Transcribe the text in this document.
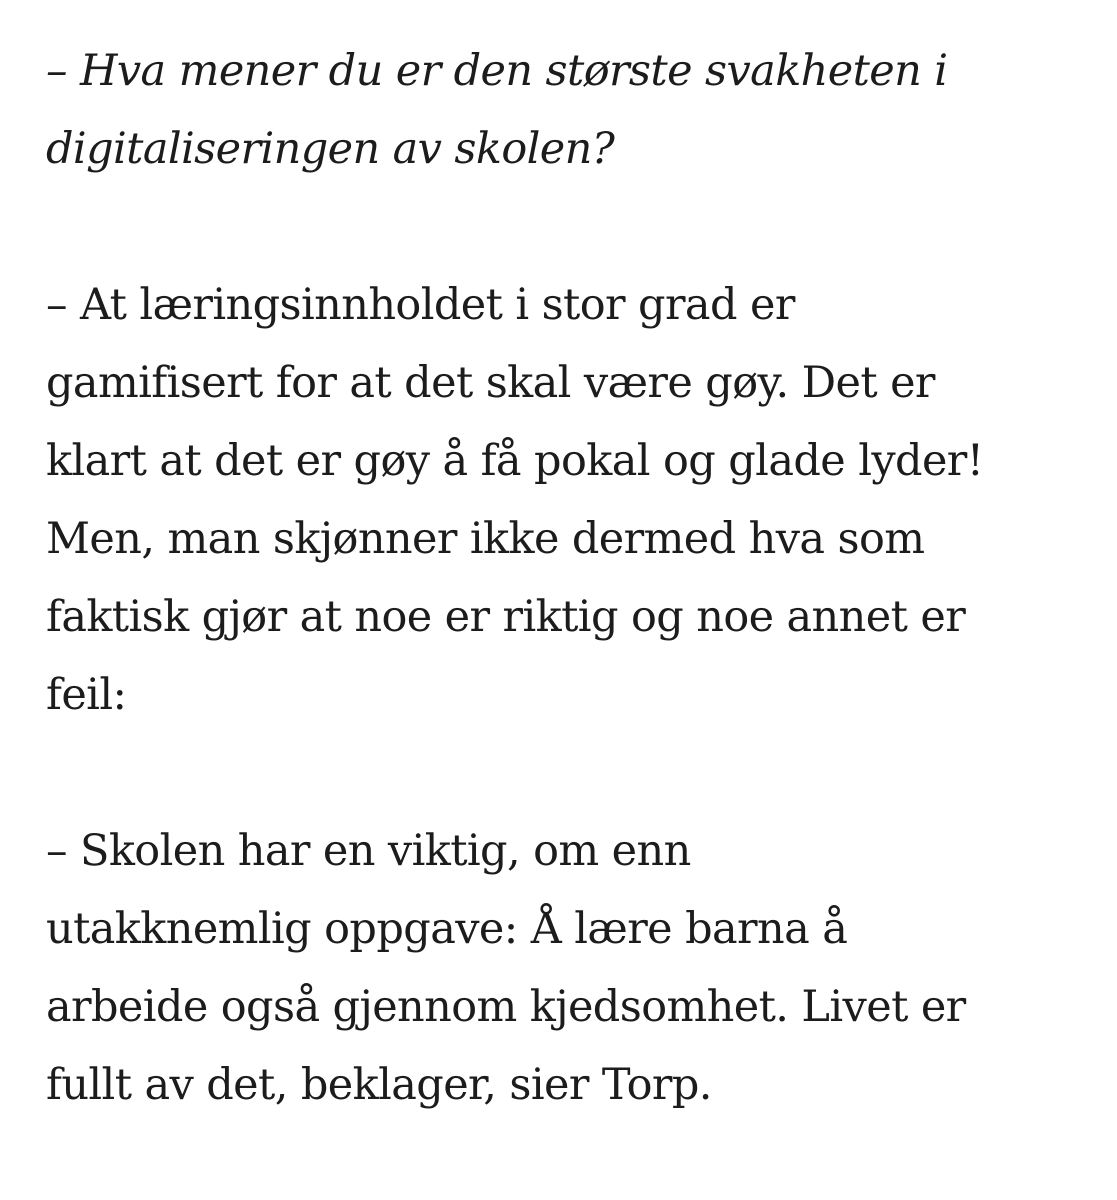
– Hva mener du er den største svakheten i
digitaliseringen av skolen?

– At læringsinnholdet i stor grad er
gamifisert for at det skal være gøy. Det er
klart at det er gøy å få pokal og glade lyder!
Men, man skjønner ikke dermed hva som
faktisk gjør at noe er riktig og noe annet er
feil:

– Skolen har en viktig, om enn
utakknemlig oppgave: Å lære barna å
arbeide også gjennom kjedsomhet. Livet er
fullt av det, beklager, sier Torp.
